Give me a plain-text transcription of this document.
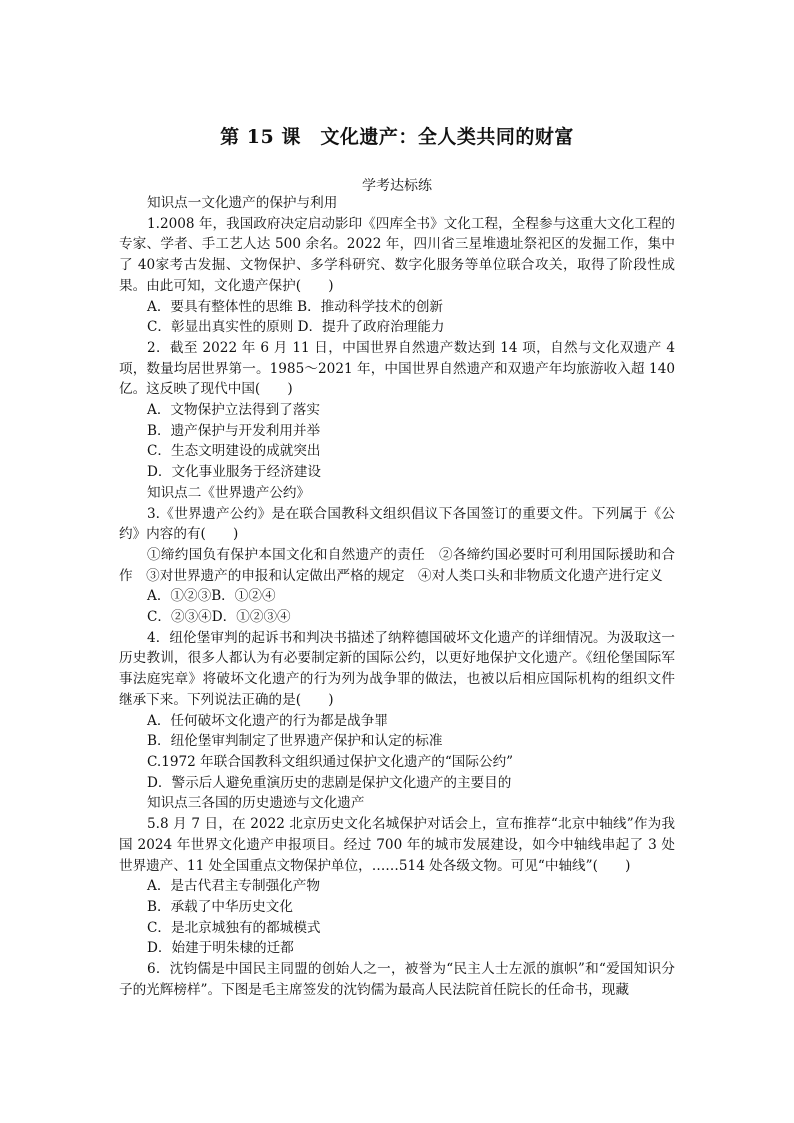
第 15 课　文化遗产：全人类共同的财富
学考达标练

知识点一文化遗产的保护与利用

1.2008 年，我国政府决定启动影印《四库全书》文化工程，全程参与这重大文化工程的专家、学者、手工艺人达 500 余名。2022 年，四川省三星堆遗址祭祀区的发掘工作，集中了 40家考古发掘、文物保护、多学科研究、数字化服务等单位联合攻关，取得了阶段性成果。由此可知，文化遗产保护(　　)

A．要具有整体性的思维 B．推动科学技术的创新

C．彰显出真实性的原则 D．提升了政府治理能力

2．截至 2022 年 6 月 11 日，中国世界自然遗产数达到 14 项，自然与文化双遗产 4 项，数量均居世界第一。1985～2021 年，中国世界自然遗产和双遗产年均旅游收入超 140 亿。这反映了现代中国(　　)

A．文物保护立法得到了落实

B．遗产保护与开发利用并举

C．生态文明建设的成就突出

D．文化事业服务于经济建设

知识点二《世界遗产公约》

3.《世界遗产公约》是在联合国教科文组织倡议下各国签订的重要文件。下列属于《公约》内容的有(　　)

①缔约国负有保护本国文化和自然遗产的责任　②各缔约国必要时可利用国际援助和合作　③对世界遗产的申报和认定做出严格的规定　④对人类口头和非物质文化遗产进行定义

A．①②③B．①②④

C．②③④D．①②③④

4．纽伦堡审判的起诉书和判决书描述了纳粹德国破坏文化遗产的详细情况。为汲取这一历史教训，很多人都认为有必要制定新的国际公约，以更好地保护文化遗产。《纽伦堡国际军事法庭宪章》将破坏文化遗产的行为列为战争罪的做法，也被以后相应国际机构的组织文件继承下来。下列说法正确的是(　　)

A．任何破坏文化遗产的行为都是战争罪

B．纽伦堡审判制定了世界遗产保护和认定的标准

C.1972 年联合国教科文组织通过保护文化遗产的“国际公约”

D．警示后人避免重演历史的悲剧是保护文化遗产的主要目的

知识点三各国的历史遗迹与文化遗产

5.8 月 7 日，在 2022 北京历史文化名城保护对话会上，宣布推荐“北京中轴线”作为我国 2024 年世界文化遗产申报项目。经过 700 年的城市发展建设，如今中轴线串起了 3 处世界遗产、11 处全国重点文物保护单位，……514 处各级文物。可见“中轴线”(　　)

A．是古代君主专制强化产物

B．承载了中华历史文化

C．是北京城独有的都城模式

D．始建于明朱棣的迁都

6．沈钧儒是中国民主同盟的创始人之一，被誉为“民主人士左派的旗帜”和“爱国知识分子的光辉榜样”。下图是毛主席签发的沈钧儒为最高人民法院首任院长的任命书，现藏
